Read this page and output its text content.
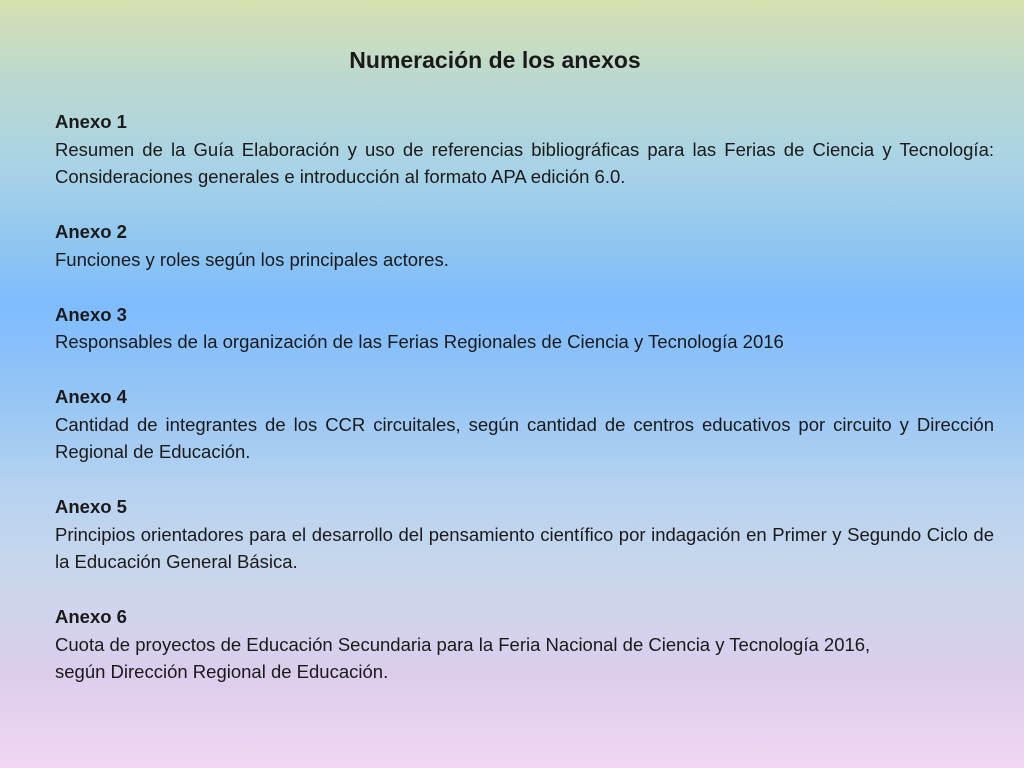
Numeración de los anexos
Anexo 1
Resumen de la Guía Elaboración y uso de referencias bibliográficas para las Ferias de Ciencia y Tecnología: Consideraciones generales e introducción al formato APA edición 6.0.
Anexo 2
Funciones y roles según los principales actores.
Anexo 3
Responsables de la organización de las Ferias Regionales de Ciencia y Tecnología 2016
Anexo 4
Cantidad de integrantes de los CCR circuitales, según cantidad de centros educativos por circuito y Dirección Regional de Educación.
Anexo 5
Principios orientadores para el desarrollo del pensamiento científico por indagación en Primer y Segundo Ciclo de la Educación General Básica.
Anexo 6
Cuota de proyectos de Educación Secundaria para la Feria Nacional de Ciencia y Tecnología 2016,
según Dirección Regional de Educación.
